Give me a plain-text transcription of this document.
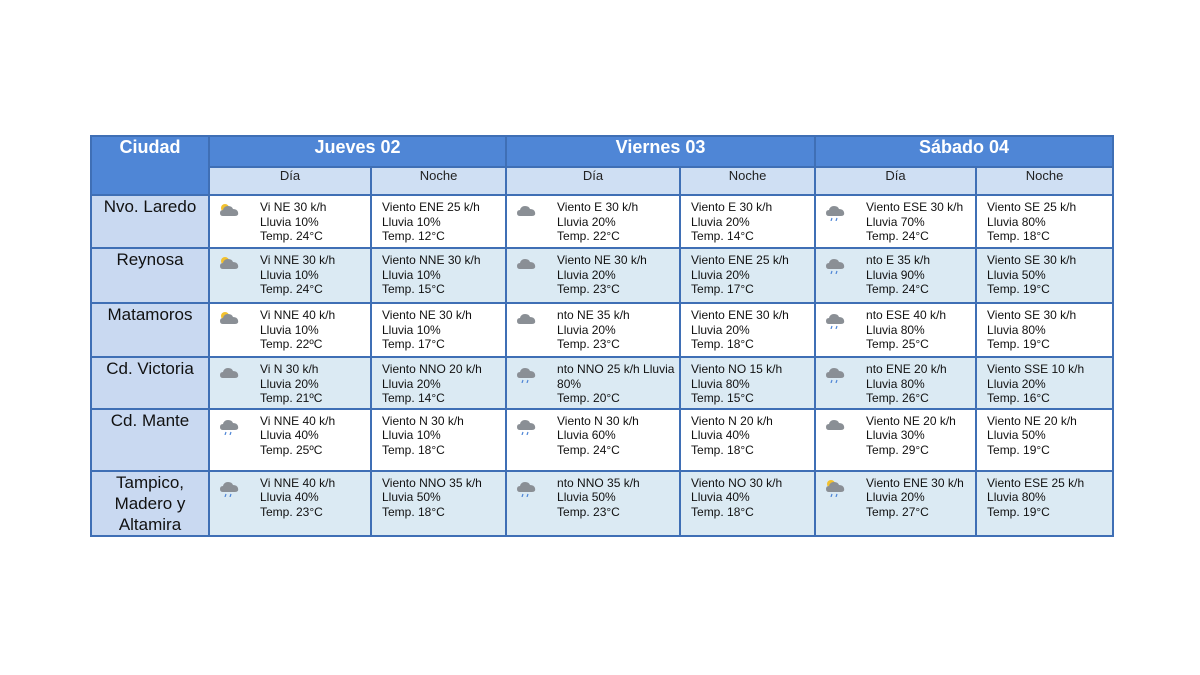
Ciudad	Jueves 02		Viernes 03		Sábado 04	
	Día	Noche	Día	Noche	Día	Noche
Nvo. Laredo	Vi NE 30 k/h
Lluvia 10%
Temp. 24°C	Viento ENE 25 k/h
Lluvia 10%
Temp. 12°C	Viento E 30 k/h
Lluvia 20%
Temp. 22°C	Viento E 30 k/h
Lluvia 20%
Temp. 14°C	Viento ESE 30 k/h
Lluvia 70%
Temp. 24°C	Viento SE 25 k/h
Lluvia 80%
Temp. 18°C

Reynosa	Vi NNE 30 k/h
Lluvia 10%
Temp. 24°C	Viento NNE 30 k/h
Lluvia 10%
Temp. 15°C	Viento NE 30 k/h
Lluvia 20%
Temp. 23°C	Viento ENE 25 k/h
Lluvia 20%
Temp. 17°C	nto E 35 k/h
Lluvia 90%
Temp. 24°C	Viento SE 30 k/h
Lluvia 50%
Temp. 19°C

Matamoros	Vi NNE 40 k/h
Lluvia 10%
Temp. 22ºC	Viento NE 30 k/h
Lluvia 10%
Temp. 17°C	nto NE 35 k/h
Lluvia 20%
Temp. 23°C	Viento ENE 30 k/h
Lluvia 20%
Temp. 18°C	nto ESE 40 k/h
Lluvia 80%
Temp. 25°C	Viento SE 30 k/h
Lluvia 80%
Temp. 19°C

Cd. Victoria	Vi N 30 k/h
Lluvia 20%
Temp. 21ºC	Viento NNO 20 k/h
Lluvia 20%
Temp. 14°C	nto NNO 25 k/h Lluvia
80%
Temp. 20°C	Viento NO 15 k/h
Lluvia 80%
Temp. 15°C	nto ENE 20 k/h
Lluvia 80%
Temp. 26°C	Viento SSE 10 k/h
Lluvia 20%
Temp. 16°C

Cd. Mante	Vi NNE 40 k/h
Lluvia 40%
Temp. 25ºC	Viento N 30 k/h
Lluvia 10%
Temp. 18°C	Viento N 30 k/h
Lluvia 60%
Temp. 24°C	Viento N 20 k/h
Lluvia 40%
Temp. 18°C	Viento NE 20 k/h
Lluvia 30%
Temp. 29°C	Viento NE 20 k/h
Lluvia 50%
Temp. 19°C

Tampico, Madero y Altamira	Vi NNE 40 k/h
Lluvia 40%
Temp. 23°C	Viento NNO 35 k/h
Lluvia 50%
Temp. 18°C	nto NNO 35 k/h
Lluvia 50%
Temp. 23°C	Viento NO 30 k/h
Lluvia 40%
Temp. 18°C	Viento ENE 30 k/h
Lluvia 20%
Temp. 27°C	Viento ESE 25 k/h
Lluvia 80%
Temp. 19°C
